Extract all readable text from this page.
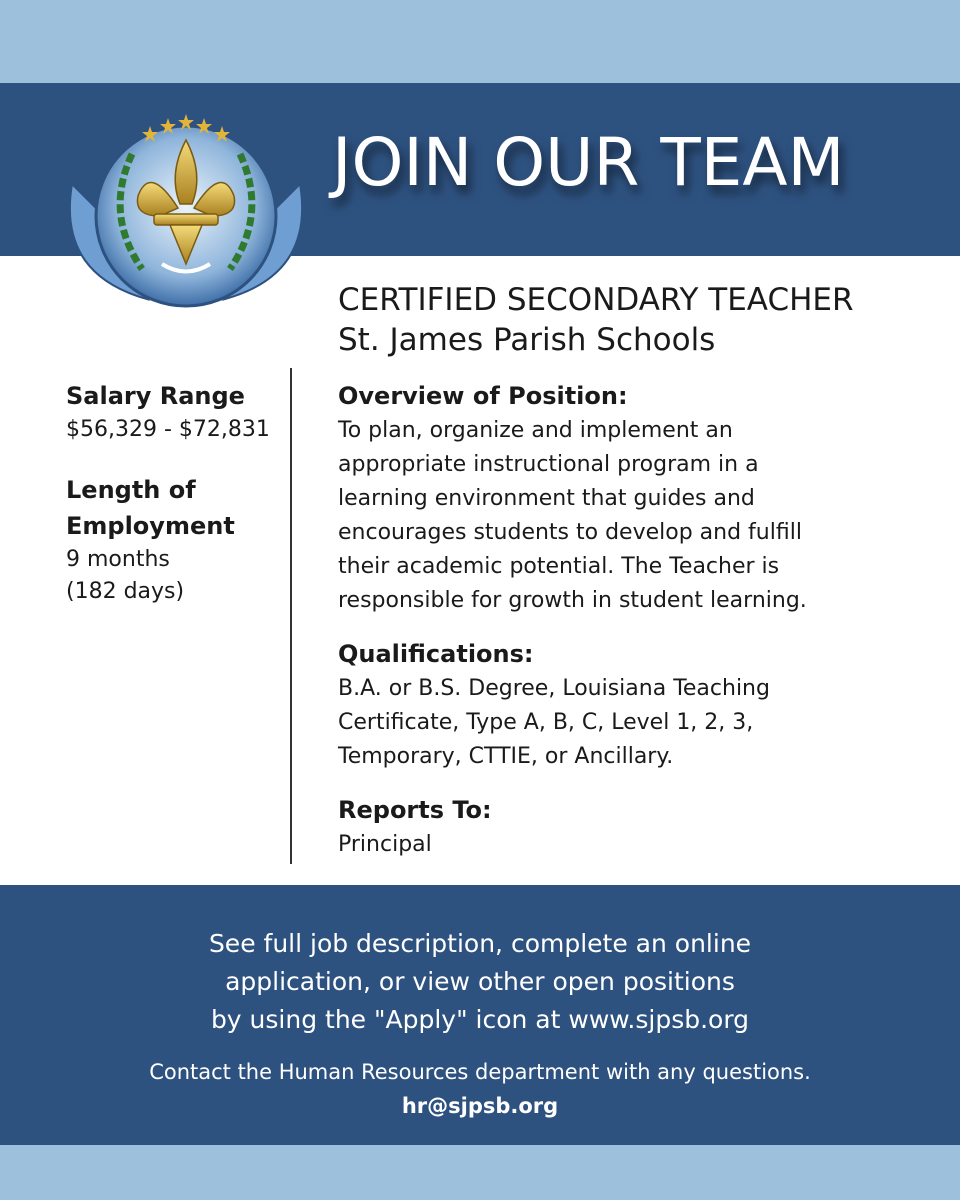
JOIN OUR TEAM
CERTIFIED SECONDARY TEACHER
St. James Parish Schools
Salary Range
$56,329 - $72,831
Length of
Employment
9 months
(182 days)
Overview of Position:
To plan, organize and implement an
appropriate instructional program in a
learning environment that guides and
encourages students to develop and fulfill
their academic potential. The Teacher is
responsible for growth in student learning.
Qualifications:
B.A. or B.S. Degree, Louisiana Teaching
Certificate, Type A, B, C, Level 1, 2, 3,
Temporary, CTTIE, or Ancillary.
Reports To:
Principal
See full job description, complete an online
application, or view other open positions
by using the "Apply" icon at www.sjpsb.org
Contact the Human Resources department with any questions.
hr@sjpsb.org
